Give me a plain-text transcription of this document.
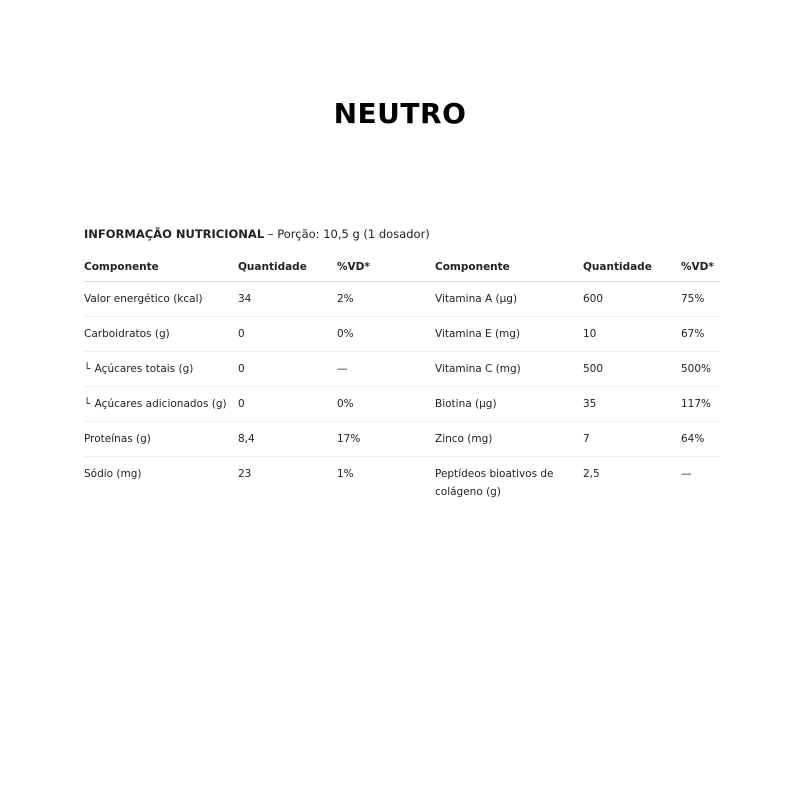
NEUTRO
INFORMAÇÃO NUTRICIONAL – Porção: 10,5 g (1 dosador)
Componente	Quantidade	%VD*	Componente	Quantidade	%VD*
Valor energético (kcal)	34	2%	Vitamina A (µg)	600	75%
Carboidratos (g)	0	0%	Vitamina E (mg)	10	67%
└ Açúcares totais (g)	0	—	Vitamina C (mg)	500	500%
└ Açúcares adicionados (g)	0	0%	Biotina (µg)	35	117%
Proteínas (g)	8,4	17%	Zinco (mg)	7	64%
Sódio (mg)	23	1%	Peptídeos bioativos de colágeno (g)	2,5	—
